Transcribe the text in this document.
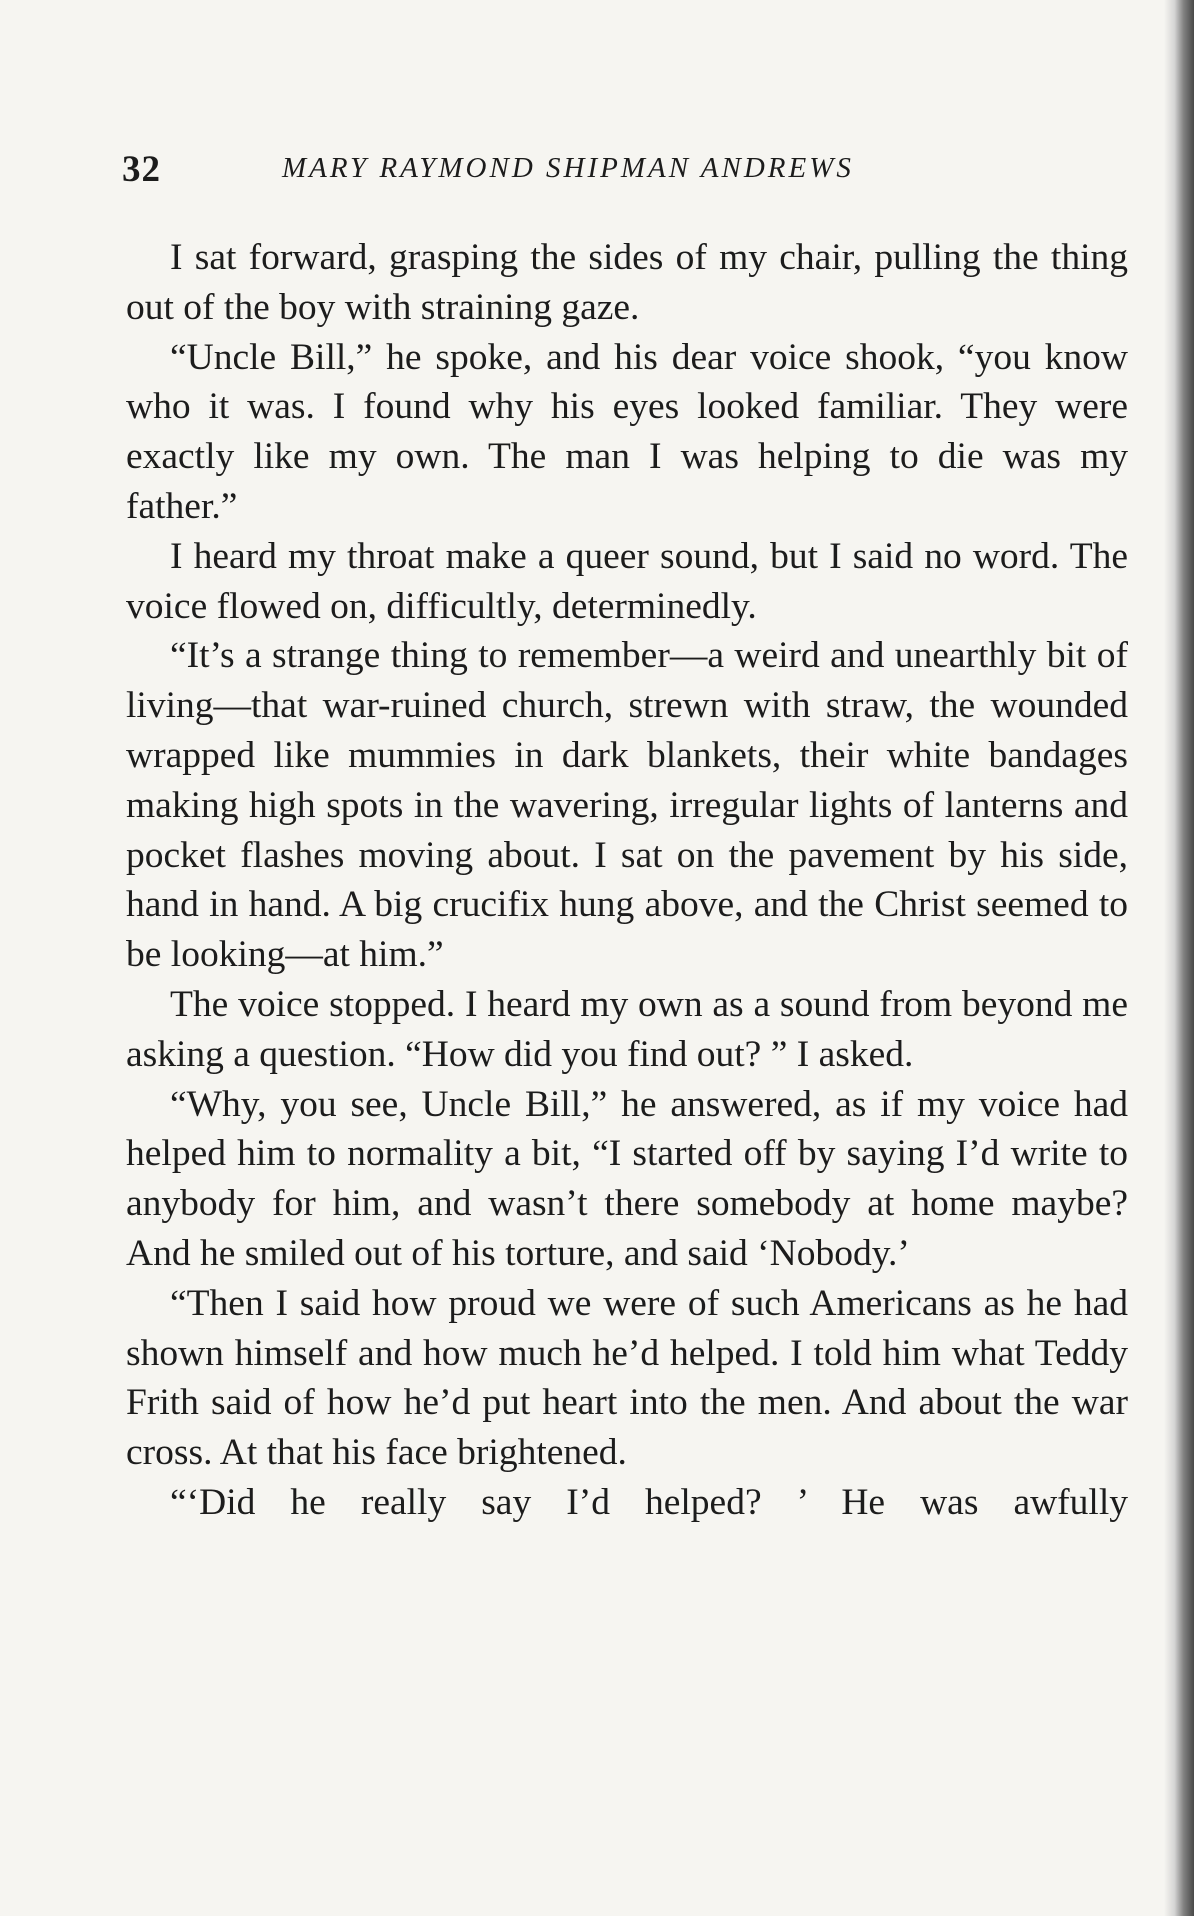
32	MARY RAYMOND SHIPMAN ANDREWS

I sat forward, grasping the sides of my chair, pulling the thing out of the boy with straining gaze.

“Uncle Bill,” he spoke, and his dear voice shook, “you know who it was. I found why his eyes looked familiar. They were exactly like my own. The man I was helping to die was my father.”

I heard my throat make a queer sound, but I said no word. The voice flowed on, difficultly, determinedly.

“It’s a strange thing to remember—a weird and unearthly bit of living—that war-ruined church, strewn with straw, the wounded wrapped like mummies in dark blankets, their white bandages making high spots in the wavering, irregular lights of lanterns and pocket flashes moving about. I sat on the pavement by his side, hand in hand. A big crucifix hung above, and the Christ seemed to be looking—at him.”

The voice stopped. I heard my own as a sound from beyond me asking a question. “How did you find out? ” I asked.

“Why, you see, Uncle Bill,” he answered, as if my voice had helped him to normality a bit, “I started off by saying I’d write to anybody for him, and wasn’t there somebody at home maybe? And he smiled out of his torture, and said ‘Nobody.’

“Then I said how proud we were of such Americans as he had shown himself and how much he’d helped. I told him what Teddy Frith said of how he’d put heart into the men. And about the war cross. At that his face brightened.

“‘Did he really say I’d helped? ’ He was awfully
